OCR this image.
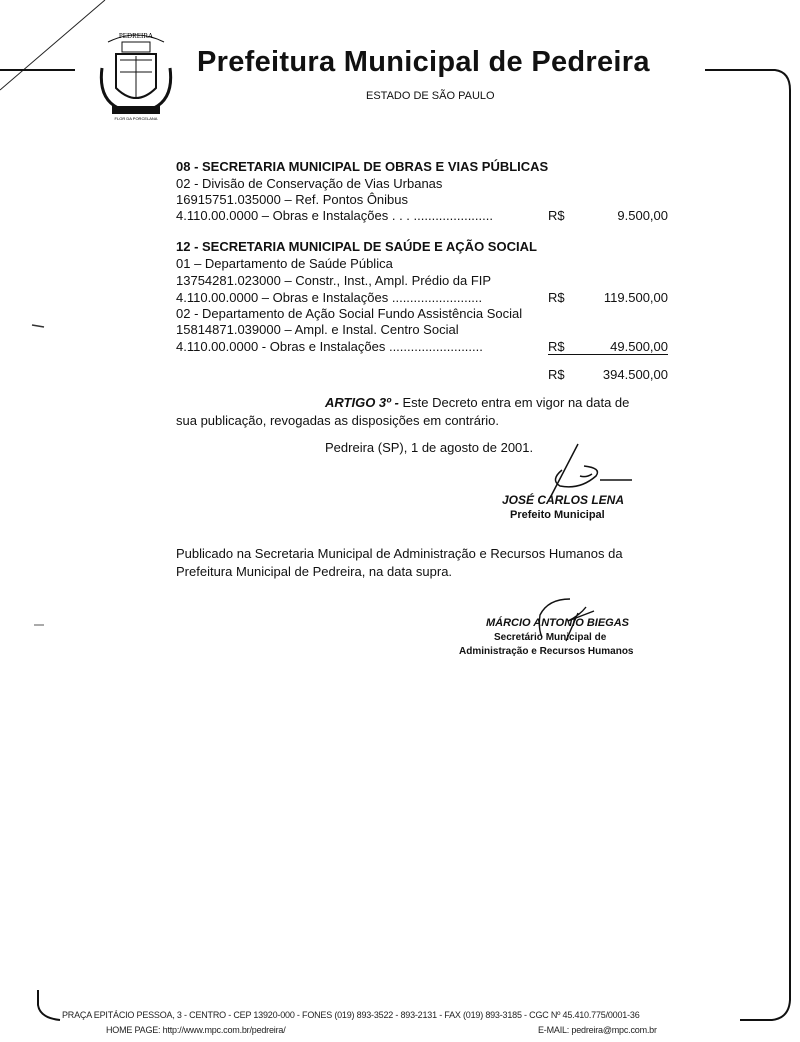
PEDREIRA
FLOR DA PORCELANA
Prefeitura Municipal de Pedreira
ESTADO DE SÃO PAULO
08 - SECRETARIA MUNICIPAL DE OBRAS E VIAS PÚBLICAS
02 - Divisão de Conservação de Vias Urbanas
16915751.035000 – Ref. Pontos Ônibus
4.110.00.0000 – Obras e Instalações . . . ......................	R$	9.500,00
12 - SECRETARIA MUNICIPAL DE SAÚDE E AÇÃO SOCIAL
01 – Departamento de Saúde Pública
13754281.023000 – Constr., Inst., Ampl. Prédio da FIP
4.110.00.0000 – Obras e Instalações .........................	R$	119.500,00
02 - Departamento de Ação Social Fundo Assistência Social
15814871.039000 – Ampl. e Instal. Centro Social
4.110.00.0000 - Obras e Instalações ..........................	R$	49.500,00
R$	394.500,00
ARTIGO 3º - Este Decreto entra em vigor na data de
sua publicação, revogadas as disposições em contrário.
Pedreira (SP), 1 de agosto de 2001.
JOSÉ CARLOS LENA
Prefeito Municipal
Publicado na Secretaria Municipal de Administração e Recursos Humanos da
Prefeitura Municipal de Pedreira, na data supra.
MÁRCIO ANTONIO BIEGAS
Secretário Municipal de
Administração e Recursos Humanos
PRAÇA EPITÁCIO PESSOA, 3 - CENTRO - CEP 13920-000 - FONES (019) 893-3522 - 893-2131 - FAX (019) 893-3185 - CGC Nº 45.410.775/0001-36
HOME PAGE: http://www.mpc.com.br/pedreira/	E-MAIL: pedreira@mpc.com.br
